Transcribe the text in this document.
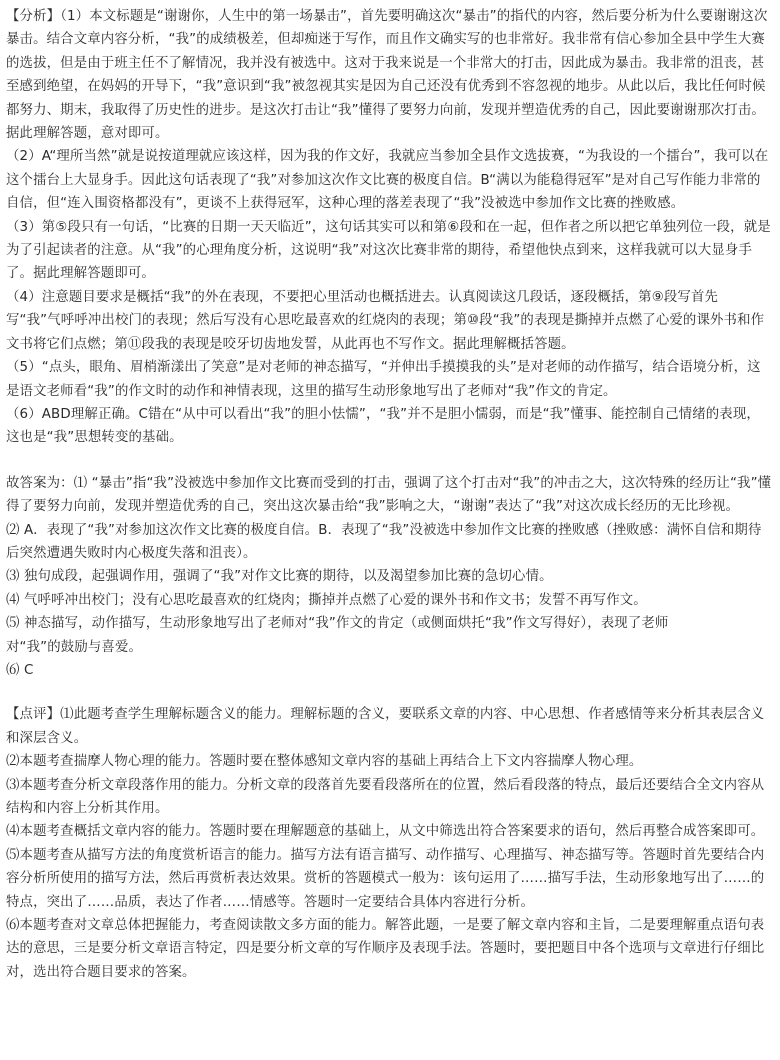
【分析】（1）本文标题是“谢谢你，人生中的第一场暴击”，首先要明确这次“暴击”的指代的内容，然后要分析为什么要谢谢这次暴击。结合文章内容分析，“我”的成绩极差，但却痴迷于写作，而且作文确实写的也非常好。我非常有信心参加全县中学生大赛的选拔，但是由于班主任不了解情况，我并没有被选中。这对于我来说是一个非常大的打击，因此成为暴击。我非常的沮丧，甚至感到绝望，在妈妈的开导下，“我”意识到“我”被忽视其实是因为自己还没有优秀到不容忽视的地步。从此以后，我比任何时候都努力、期末，我取得了历史性的进步。是这次打击让“我”懂得了要努力向前，发现并塑造优秀的自己，因此要谢谢那次打击。据此理解答题，意对即可。

（2）A“理所当然”就是说按道理就应该这样，因为我的作文好，我就应当参加全县作文选拔赛，“为我设的一个擂台”，我可以在这个擂台上大显身手。因此这句话表现了“我”对参加这次作文比赛的极度自信。B“满以为能稳得冠军”是对自己写作能力非常的自信，但“连入围资格都没有”，更谈不上获得冠军，这种心理的落差表现了“我”没被选中参加作文比赛的挫败感。

（3）第⑤段只有一句话，“比赛的日期一天天临近”，这句话其实可以和第⑥段和在一起，但作者之所以把它单独列位一段，就是为了引起读者的注意。从“我”的心理角度分析，这说明“我”对这次比赛非常的期待，希望他快点到来，这样我就可以大显身手了。据此理解答题即可。

（4）注意题目要求是概括“我”的外在表现，不要把心里活动也概括进去。认真阅读这几段话，逐段概括，第⑨段写首先写“我”气呼呼冲出校门的表现；然后写没有心思吃最喜欢的红烧肉的表现；第⑩段“我”的表现是撕掉并点燃了心爱的课外书和作文书将它们点燃；第⑪段我的表现是咬牙切齿地发誓，从此再也不写作文。据此理解概括答题。

（5）“点头，眼角、眉梢渐漾出了笑意”是对老师的神态描写，“并伸出手摸摸我的头”是对老师的动作描写，结合语境分析，这是语文老师看“我”的作文时的动作和神情表现，这里的描写生动形象地写出了老师对“我”作文的肯定。

（6）ABD理解正确。C错在“从中可以看出“我”的胆小怯懦”，“我”并不是胆小懦弱，而是“我”懂事、能控制自己情绪的表现，这也是“我”思想转变的基础。

故答案为：⑴ “暴击”指“我”没被选中参加作文比赛而受到的打击，强调了这个打击对“我”的冲击之大，这次特殊的经历让“我”懂得了要努力向前，发现并塑造优秀的自己，突出这次暴击给“我”影响之大，“谢谢”表达了“我”对这次成长经历的无比珍视。

⑵ A．表现了“我”对参加这次作文比赛的极度自信。B．表现了“我”没被选中参加作文比赛的挫败感（挫败感：满怀自信和期待后突然遭遇失败时内心极度失落和沮丧）。

⑶ 独句成段，起强调作用，强调了“我”对作文比赛的期待，以及渴望参加比赛的急切心情。

⑷ 气呼呼冲出校门；没有心思吃最喜欢的红烧肉；撕掉并点燃了心爱的课外书和作文书；发誓不再写作文。

⑸ 神态描写，动作描写，生动形象地写出了老师对“我”作文的肯定（或侧面烘托“我”作文写得好），表现了老师

对“我”的鼓励与喜爱。

⑹ C

【点评】⑴此题考查学生理解标题含义的能力。理解标题的含义，要联系文章的内容、中心思想、作者感情等来分析其表层含义和深层含义。

⑵本题考查揣摩人物心理的能力。答题时要在整体感知文章内容的基础上再结合上下文内容揣摩人物心理。

⑶本题考查分析文章段落作用的能力。分析文章的段落首先要看段落所在的位置，然后看段落的特点，最后还要结合全文内容从结构和内容上分析其作用。

⑷本题考查概括文章内容的能力。答题时要在理解题意的基础上，从文中筛选出符合答案要求的语句，然后再整合成答案即可。

⑸本题考查从描写方法的角度赏析语言的能力。描写方法有语言描写、动作描写、心理描写、神态描写等。答题时首先要结合内容分析所使用的描写方法，然后再赏析表达效果。赏析的答题模式一般为：该句运用了……描写手法，生动形象地写出了……的特点，突出了……品质，表达了作者……情感等。答题时一定要结合具体内容进行分析。

⑹本题考查对文章总体把握能力，考查阅读散文多方面的能力。解答此题，一是要了解文章内容和主旨，二是要理解重点语句表达的意思，三是要分析文章语言特定，四是要分析文章的写作顺序及表现手法。答题时，要把题目中各个选项与文章进行仔细比对，选出符合题目要求的答案。
